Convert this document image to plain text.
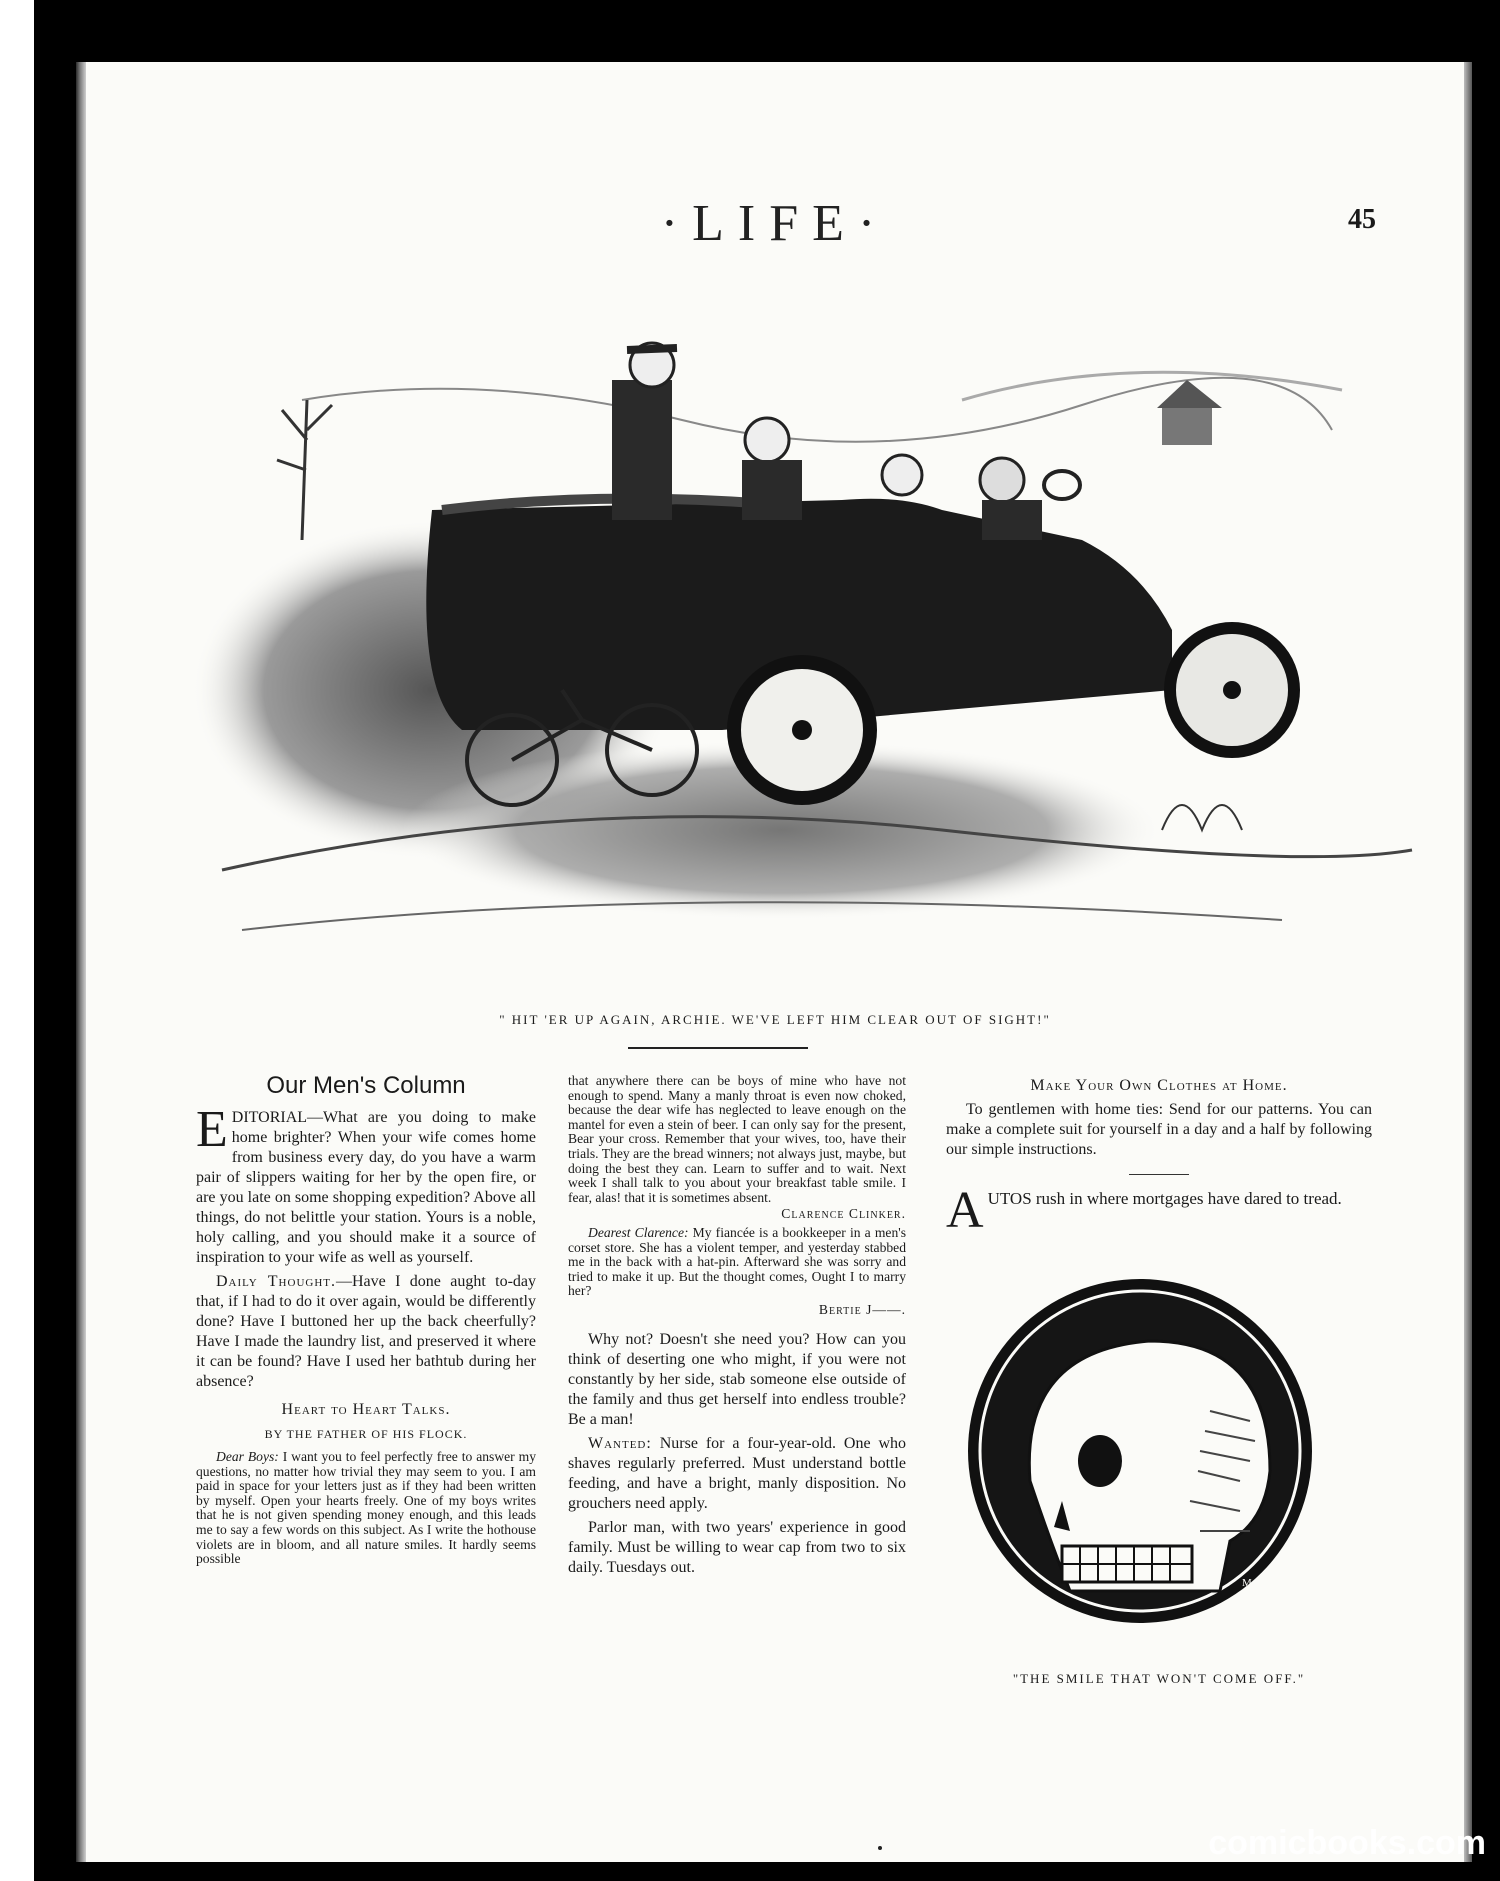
·LIFE·	45
" HIT 'ER UP AGAIN, ARCHIE. WE'VE LEFT HIM CLEAR OUT OF SIGHT!"
Our Men's Column

EDITORIAL—What are you doing to make home brighter? When your wife comes home from business every day, do you have a warm pair of slippers waiting for her by the open fire, or are you late on some shopping expedition? Above all things, do not belittle your station. Yours is a noble, holy calling, and you should make it a source of inspiration to your wife as well as yourself.

Daily Thought.—Have I done aught to-day that, if I had to do it over again, would be differently done? Have I buttoned her up the back cheerfully? Have I made the laundry list, and preserved it where it can be found? Have I used her bathtub during her absence?

Heart to Heart Talks.

BY THE FATHER OF HIS FLOCK.

Dear Boys: I want you to feel perfectly free to answer my questions, no matter how trivial they may seem to you. I am paid in space for your letters just as if they had been written by myself. Open your hearts freely. One of my boys writes that he is not given spending money enough, and this leads me to say a few words on this subject. As I write the hothouse violets are in bloom, and all nature smiles. It hardly seems possible

that anywhere there can be boys of mine who have not enough to spend. Many a manly throat is even now choked, because the dear wife has neglected to leave enough on the mantel for even a stein of beer. I can only say for the present, Bear your cross. Remember that your wives, too, have their trials. They are the bread winners; not always just, maybe, but doing the best they can. Learn to suffer and to wait. Next week I shall talk to you about your breakfast table smile. I fear, alas! that it is sometimes absent.

Clarence Clinker.

Dearest Clarence: My fiancée is a bookkeeper in a men's corset store. She has a violent temper, and yesterday stabbed me in the back with a hat-pin. Afterward she was sorry and tried to make it up. But the thought comes, Ought I to marry her?

Bertie J——.

Why not? Doesn't she need you? How can you think of deserting one who might, if you were not constantly by her side, stab someone else outside of the family and thus get herself into endless trouble? Be a man!

Wanted: Nurse for a four-year-old. One who shaves regularly preferred. Must understand bottle feeding, and have a bright, manly disposition. No grouchers need apply.

Parlor man, with two years' experience in good family. Must be willing to wear cap from two to six daily. Tuesdays out.

Make Your Own Clothes at Home.

To gentlemen with home ties: Send for our patterns. You can make a complete suit for yourself in a day and a half by following our simple instructions.

AUTOS rush in where mortgages have dared to tread.

M. McLean
"THE SMILE THAT WON'T COME OFF."
comicbooks.com
